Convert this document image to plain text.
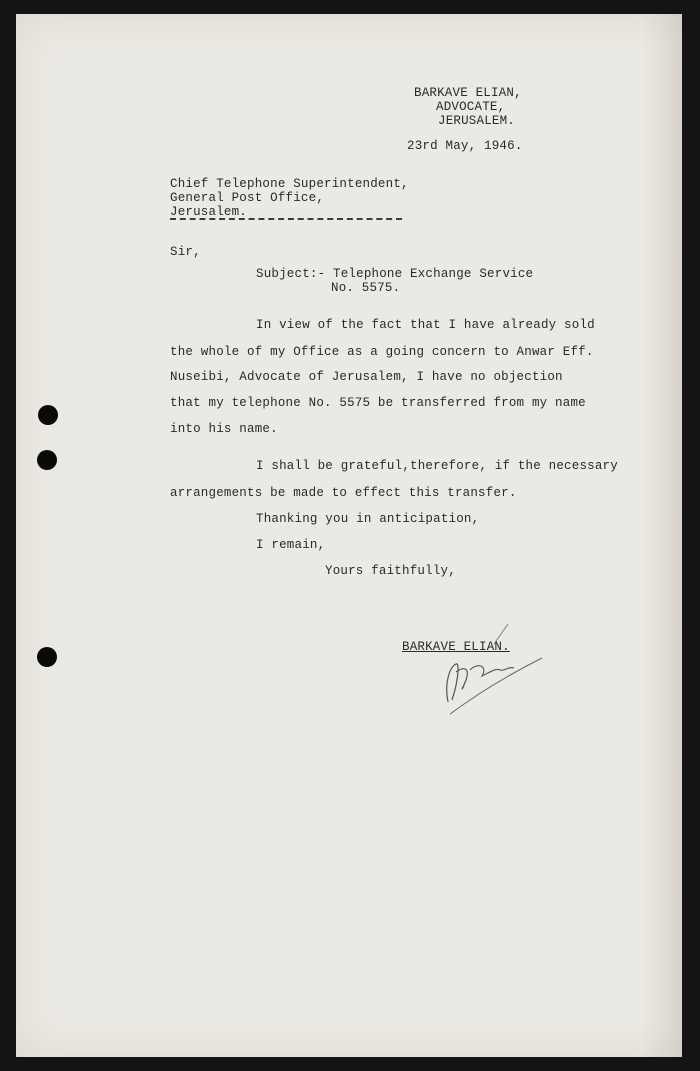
BARKAVE ELIAN,
ADVOCATE,
JERUSALEM.
23rd May, 1946.
Chief Telephone Superintendent,
General Post Office,
Jerusalem.
Sir,
Subject:- Telephone Exchange Service
No. 5575.
In view of the fact that I have already sold
the whole of my Office as a going concern to Anwar Eff.
Nuseibi, Advocate of Jerusalem, I have no objection
that my telephone No. 5575 be transferred from my name
into his name.
I shall be grateful,therefore, if the necessary
arrangements be made to effect this transfer.
Thanking you in anticipation,
I remain,
Yours faithfully,
BARKAVE ELIAN.
